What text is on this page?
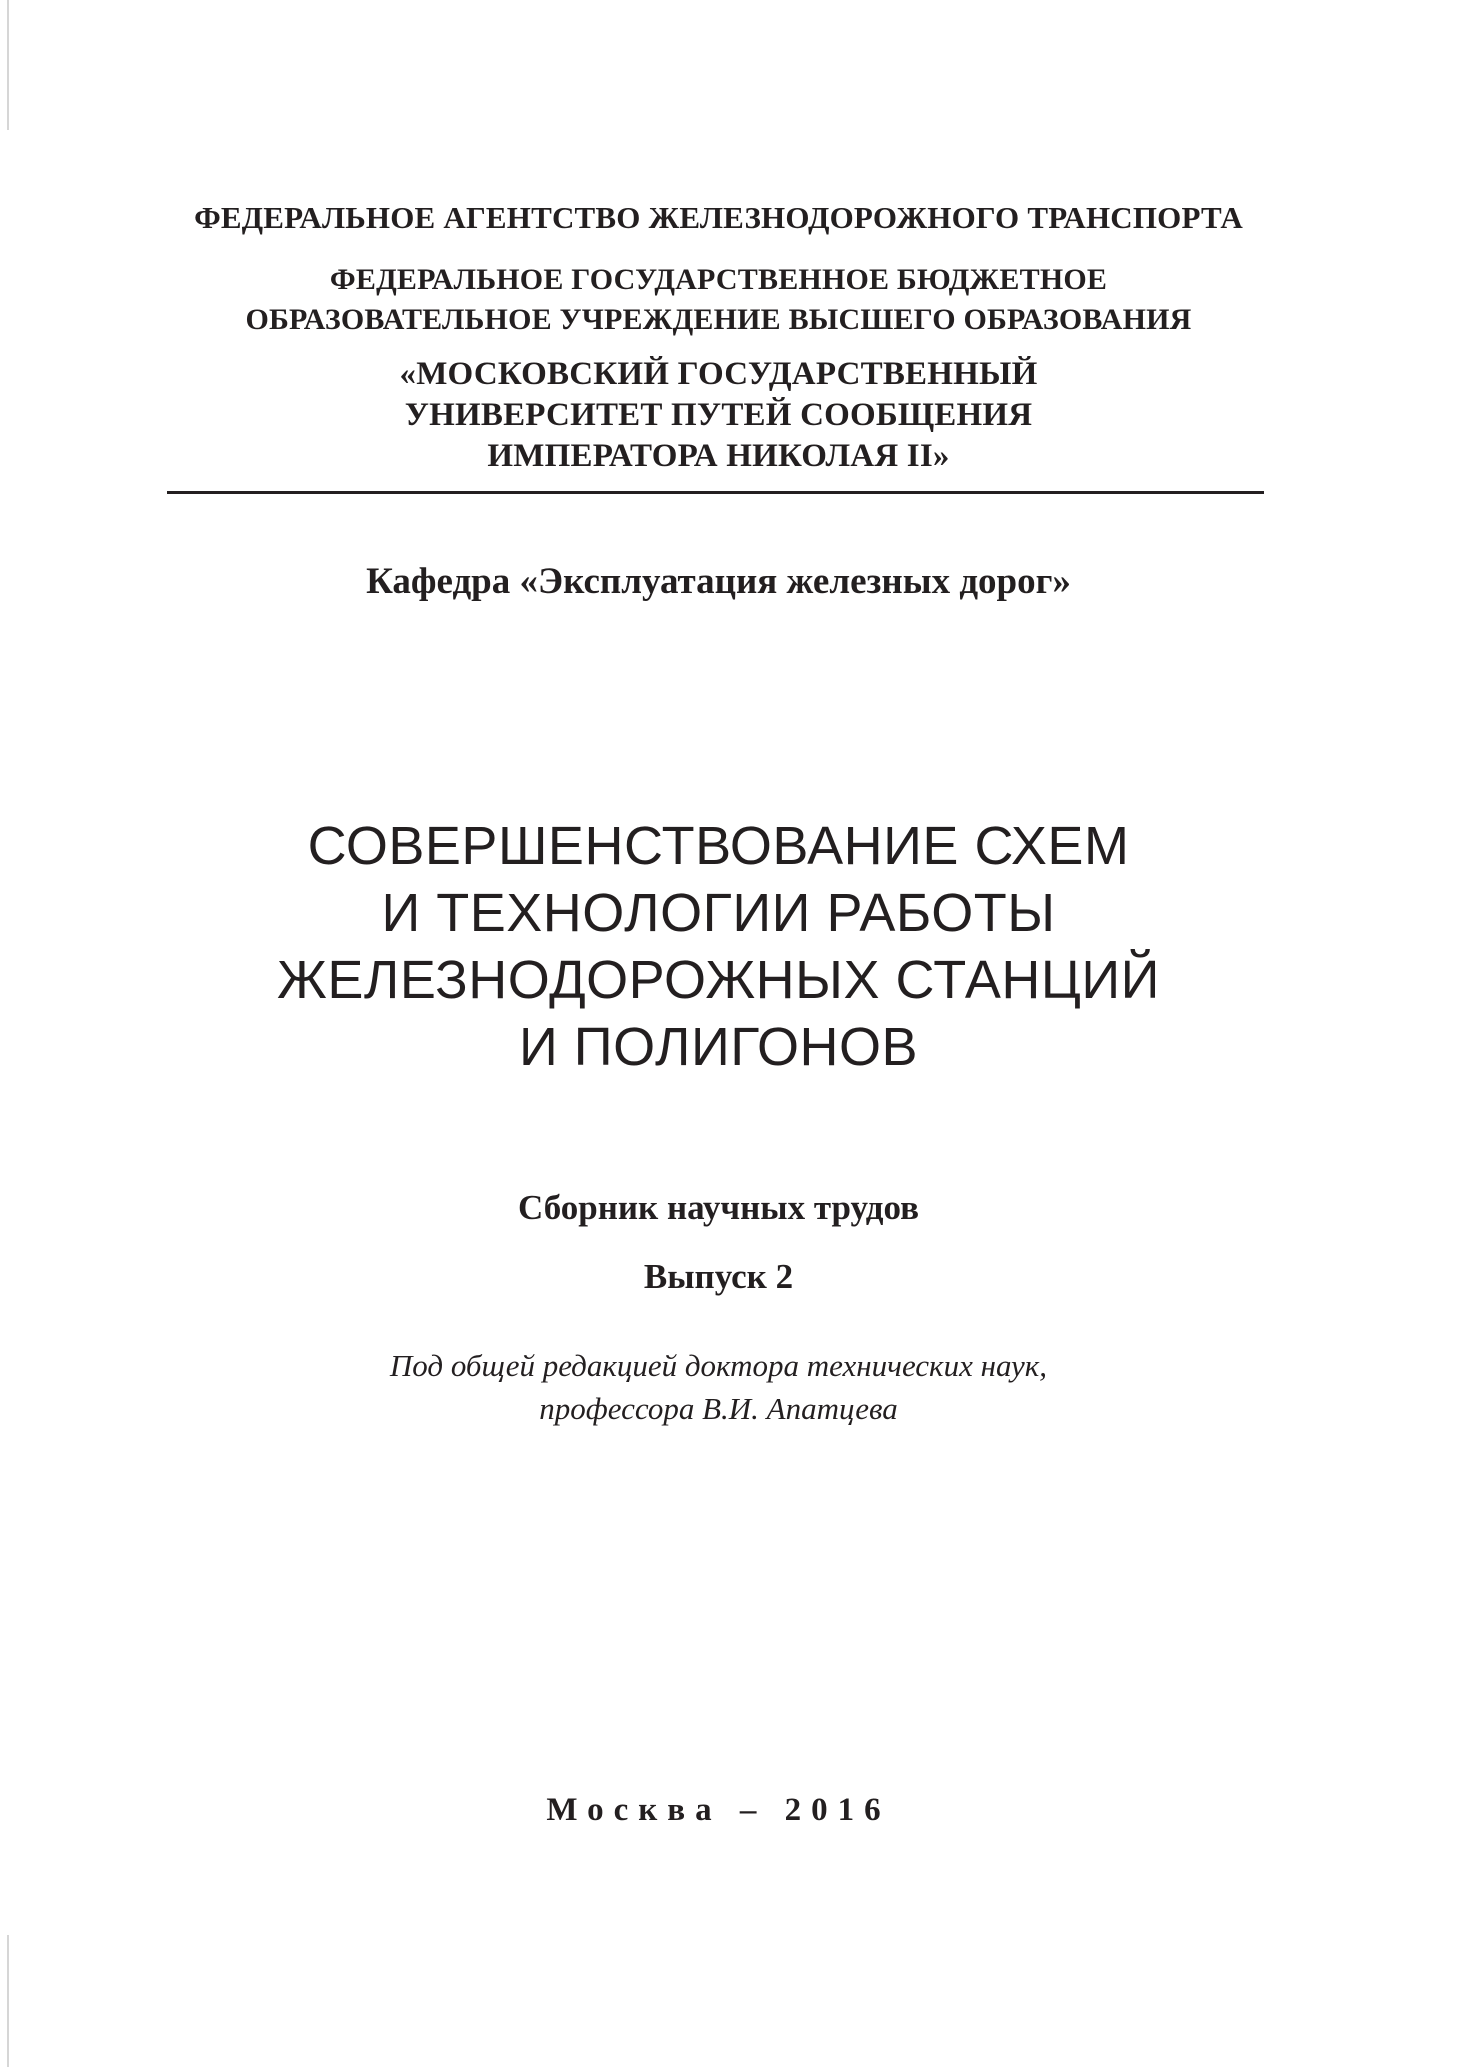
ФЕДЕРАЛЬНОЕ АГЕНТСТВО ЖЕЛЕЗНОДОРОЖНОГО ТРАНСПОРТА
ФЕДЕРАЛЬНОЕ ГОСУДАРСТВЕННОЕ БЮДЖЕТНОЕ
ОБРАЗОВАТЕЛЬНОЕ УЧРЕЖДЕНИЕ ВЫСШЕГО ОБРАЗОВАНИЯ
«МОСКОВСКИЙ ГОСУДАРСТВЕННЫЙ
УНИВЕРСИТЕТ ПУТЕЙ СООБЩЕНИЯ
ИМПЕРАТОРА НИКОЛАЯ II»
Кафедра «Эксплуатация железных дорог»
СОВЕРШЕНСТВОВАНИЕ СХЕМ
И ТЕХНОЛОГИИ РАБОТЫ
ЖЕЛЕЗНОДОРОЖНЫХ СТАНЦИЙ
И ПОЛИГОНОВ
Сборник научных трудов
Выпуск 2
Под общей редакцией доктора технических наук,
профессора В.И. Апатцева
Москва – 2016
